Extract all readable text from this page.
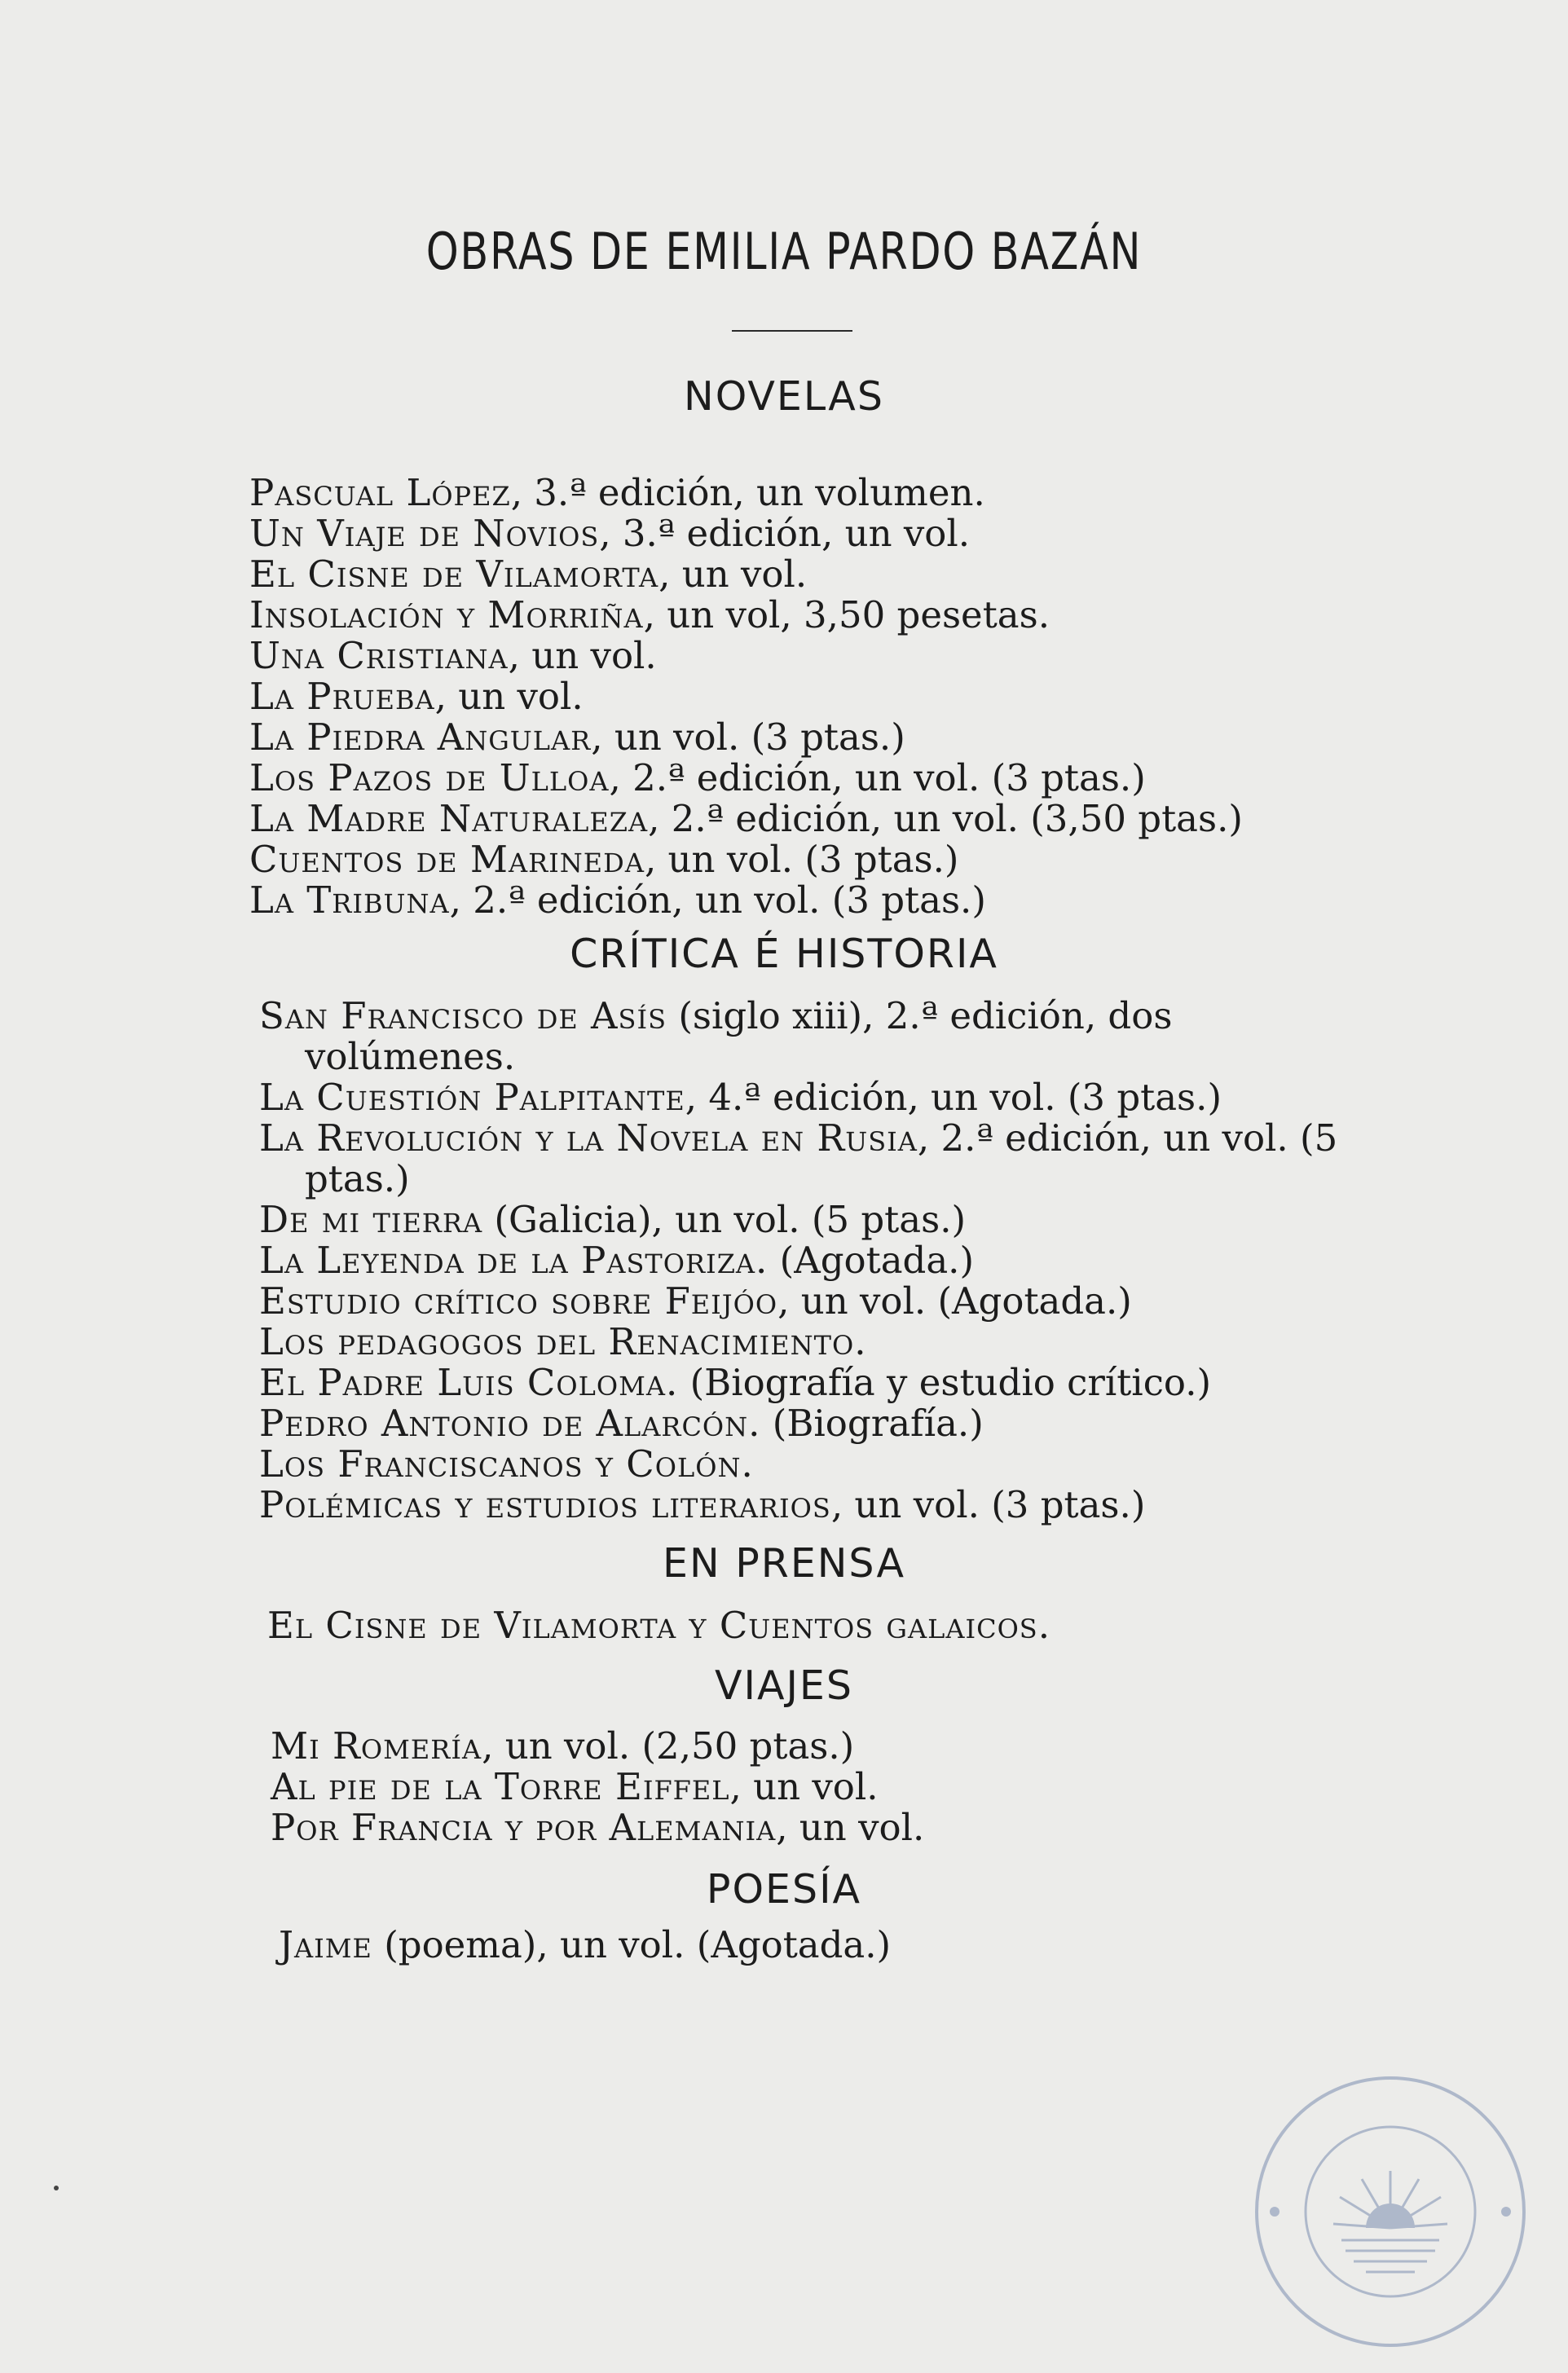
OBRAS DE EMILIA PARDO BAZÁN
NOVELAS
Pascual López, 3.ª edición, un volumen.
Un Viaje de Novios, 3.ª edición, un vol.
El Cisne de Vilamorta, un vol.
Insolación y Morriña, un vol, 3,50 pesetas.
Una Cristiana, un vol.
La Prueba, un vol.
La Piedra Angular, un vol. (3 ptas.)
Los Pazos de Ulloa, 2.ª edición, un vol. (3 ptas.)
La Madre Naturaleza, 2.ª edición, un vol. (3,50 ptas.)
Cuentos de Marineda, un vol. (3 ptas.)
La Tribuna, 2.ª edición, un vol. (3 ptas.)
CRÍTICA É HISTORIA
San Francisco de Asís (siglo xiii), 2.ª edición, dos volúmenes.
La Cuestión Palpitante, 4.ª edición, un vol. (3 ptas.)
La Revolución y la Novela en Rusia, 2.ª edición, un vol. (5 ptas.)
De mi tierra (Galicia), un vol. (5 ptas.)
La Leyenda de la Pastoriza. (Agotada.)
Estudio crítico sobre Feijóo, un vol. (Agotada.)
Los pedagogos del Renacimiento.
El Padre Luis Coloma. (Biografía y estudio crítico.)
Pedro Antonio de Alarcón. (Biografía.)
Los Franciscanos y Colón.
Polémicas y estudios literarios, un vol. (3 ptas.)
EN PRENSA
El Cisne de Vilamorta y Cuentos galaicos.
VIAJES
Mi Romería, un vol. (2,50 ptas.)
Al pie de la Torre Eiffel, un vol.
Por Francia y por Alemania, un vol.
POESÍA
Jaime (poema), un vol. (Agotada.)
